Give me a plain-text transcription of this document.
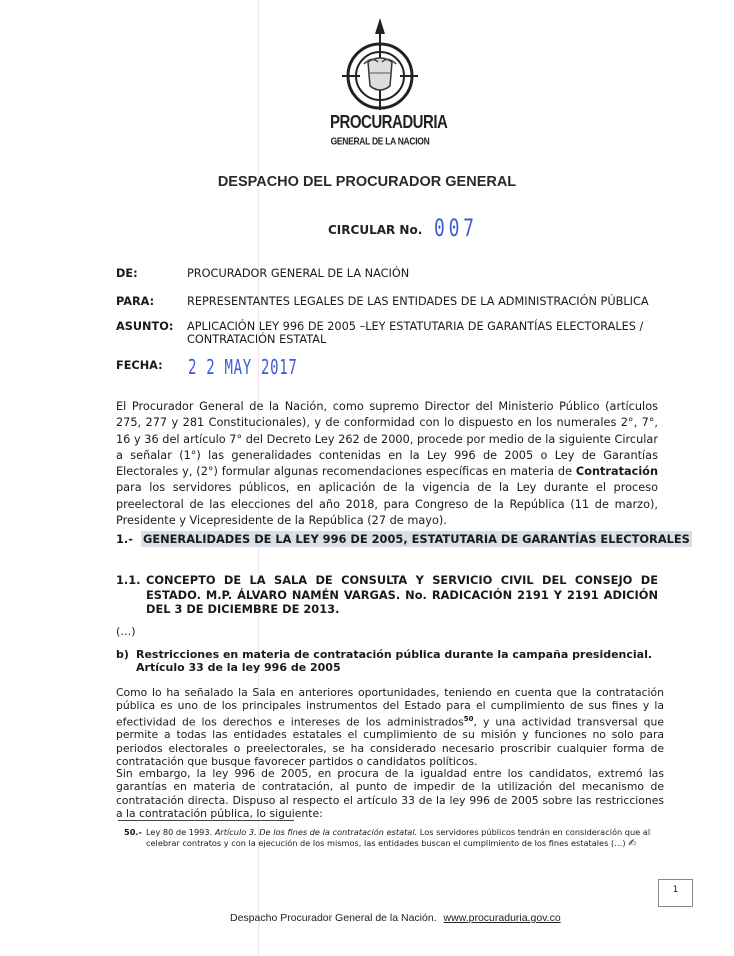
PROCURADURIA
GENERAL DE LA NACION
DESPACHO DEL PROCURADOR GENERAL
CIRCULAR No. 007
DE:	PROCURADOR GENERAL DE LA NACIÓN
PARA:	REPRESENTANTES LEGALES DE LAS ENTIDADES DE LA ADMINISTRACIÓN PÚBLICA
ASUNTO: APLICACIÓN LEY 996 DE 2005 –LEY ESTATUTARIA DE GARANTÍAS ELECTORALES / CONTRATACIÓN ESTATAL
FECHA: 2 2 MAY 2017
El Procurador General de la Nación, como supremo Director del Ministerio Público (artículos 275, 277 y 281 Constitucionales), y de conformidad con lo dispuesto en los numerales 2°, 7°, 16 y 36 del artículo 7° del Decreto Ley 262 de 2000, procede por medio de la siguiente Circular a señalar (1°) las generalidades contenidas en la Ley 996 de 2005 o Ley de Garantías Electorales y, (2°) formular algunas recomendaciones específicas en materia de Contratación para los servidores públicos, en aplicación de la vigencia de la Ley durante el proceso preelectoral de las elecciones del año 2018, para Congreso de la República (11 de marzo), Presidente y Vicepresidente de la República (27 de mayo).
1.- GENERALIDADES DE LA LEY 996 DE 2005, ESTATUTARIA DE GARANTÍAS ELECTORALES
1.1. CONCEPTO DE LA SALA DE CONSULTA Y SERVICIO CIVIL DEL CONSEJO DE ESTADO. M.P. ÁLVARO NAMÉN VARGAS. No. RADICACIÓN 2191 Y 2191 ADICIÓN DEL 3 DE DICIEMBRE DE 2013.
(…)
b) Restricciones en materia de contratación pública durante la campaña presidencial. Artículo 33 de la ley 996 de 2005
Como lo ha señalado la Sala en anteriores oportunidades, teniendo en cuenta que la contratación pública es uno de los principales instrumentos del Estado para el cumplimiento de sus fines y la efectividad de los derechos e intereses de los administrados$^{50}$, y una actividad transversal que permite a todas las entidades estatales el cumplimiento de su misión y funciones no solo para periodos electorales o preelectorales, se ha considerado necesario proscribir cualquier forma de contratación que busque favorecer partidos o candidatos políticos.
Sin embargo, la ley 996 de 2005, en procura de la igualdad entre los candidatos, extremó las garantías en materia de contratación, al punto de impedir de la utilización del mecanismo de contratación directa. Dispuso al respecto el artículo 33 de la ley 996 de 2005 sobre las restricciones a la contratación pública, lo siguiente:
50.- Ley 80 de 1993. Artículo 3. De los fines de la contratación estatal. Los servidores públicos tendrán en consideración que al celebrar contratos y con la ejecución de los mismos, las entidades buscan el cumplimiento de los fines estatales (…) ✍
1
Despacho Procurador General de la Nación. www.procuraduria.gov.co
